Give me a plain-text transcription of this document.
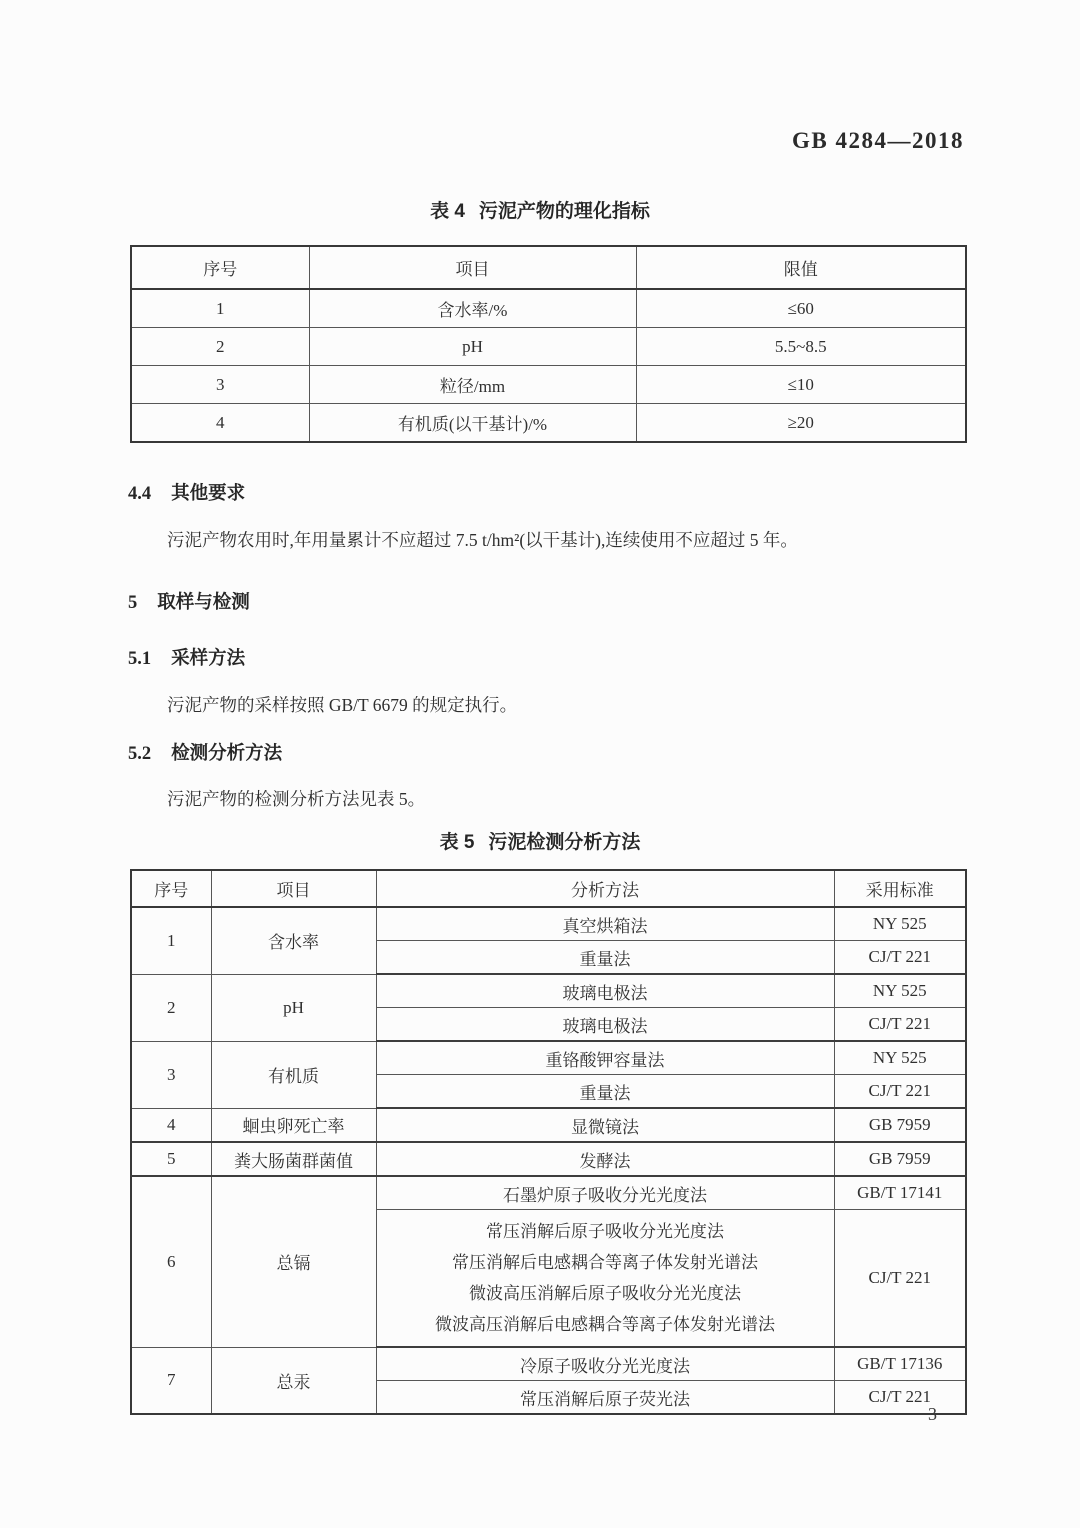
GB 4284—2018
表 4 污泥产物的理化指标
序号	项目	限值
1	含水率/%	≤60
2	pH	5.5~8.5
3	粒径/mm	≤10
4	有机质(以干基计)/%	≥20
4.4 其他要求
污泥产物农用时,年用量累计不应超过 7.5 t/hm²(以干基计),连续使用不应超过 5 年。
5 取样与检测
5.1 采样方法
污泥产物的采样按照 GB/T 6679 的规定执行。
5.2 检测分析方法
污泥产物的检测分析方法见表 5。
表 5 污泥检测分析方法
序号	项目	分析方法	采用标准
1	含水率	真空烘箱法	NY 525
		重量法	CJ/T 221
2	pH	玻璃电极法	NY 525
		玻璃电极法	CJ/T 221
3	有机质	重铬酸钾容量法	NY 525
		重量法	CJ/T 221
4	蛔虫卵死亡率	显微镜法	GB 7959
5	粪大肠菌群菌值	发酵法	GB 7959
6	总镉	石墨炉原子吸收分光光度法	GB/T 17141

		常压消解后原子吸收分光光度法
常压消解后电感耦合等离子体发射光谱法
微波高压消解后原子吸收分光光度法
微波高压消解后电感耦合等离子体发射光谱法	CJ/T 221
7	总汞	冷原子吸收分光光度法	GB/T 17136
		常压消解后原子荧光法	CJ/T 221
3
